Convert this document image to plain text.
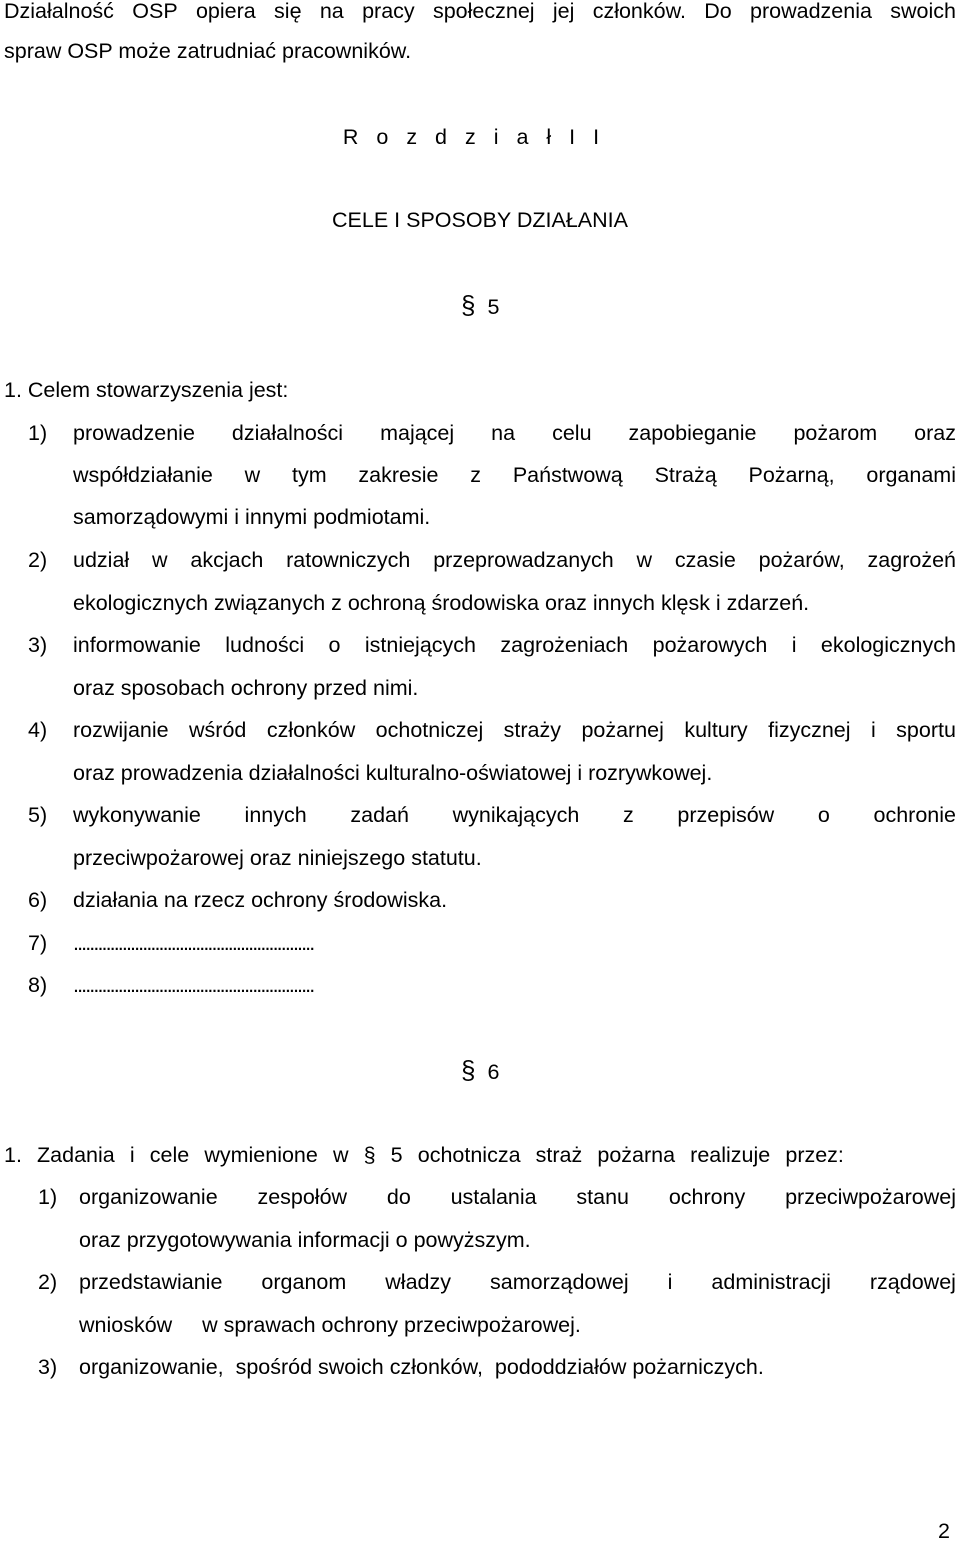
Działalność OSP opiera się na pracy społecznej jej członków. Do prowadzenia swoich
spraw OSP może zatrudniać pracowników.
R o z d z i a ł I I
CELE I SPOSOBY DZIAŁANIA
§ 5
1. Celem stowarzyszenia jest:
1) prowadzenie działalności mającej na celu zapobieganie pożarom oraz
współdziałanie w tym zakresie z Państwową Strażą Pożarną, organami
samorządowymi i innymi podmiotami.
2) udział w akcjach ratowniczych przeprowadzanych w czasie pożarów, zagrożeń
ekologicznych związanych z ochroną środowiska oraz innych klęsk i zdarzeń.
3) informowanie ludności o istniejących zagrożeniach pożarowych i ekologicznych
oraz sposobach ochrony przed nimi.
4) rozwijanie wśród członków ochotniczej straży pożarnej kultury fizycznej i sportu
oraz prowadzenia działalności kulturalno-oświatowej i rozrywkowej.
5) wykonywanie innych zadań wynikających z przepisów o ochronie
przeciwpożarowej oraz niniejszego statutu.
6) działania na rzecz ochrony środowiska.
7) ...........................................................
8) ...........................................................
§ 6
1. Zadania i cele wymienione w § 5 ochotnicza straż pożarna realizuje przez:
1) organizowanie zespołów do ustalania stanu ochrony przeciwpożarowej
oraz przygotowywania informacji o powyższym.
2) przedstawianie organom władzy samorządowej i administracji rządowej
wniosków     w sprawach ochrony przeciwpożarowej.
3) organizowanie,  spośród swoich członków,  pododdziałów pożarniczych.
2
